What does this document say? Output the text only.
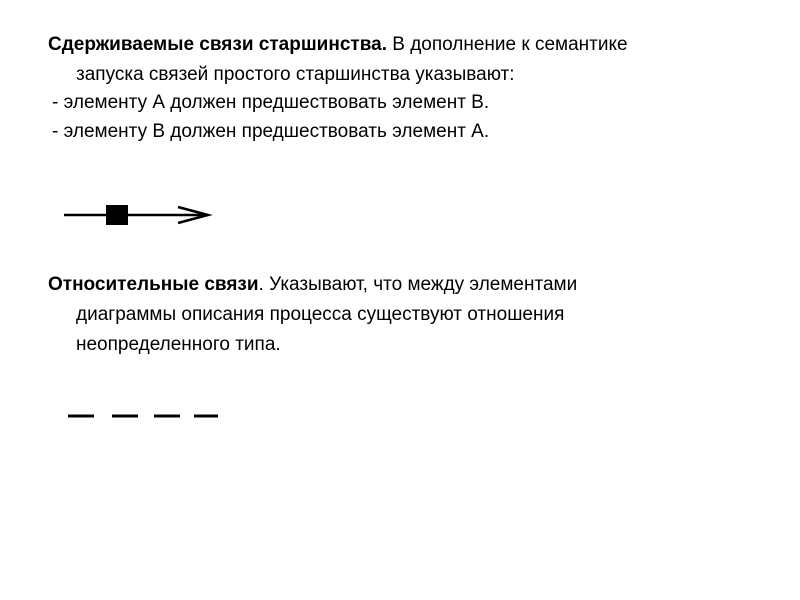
Сдерживаемые связи старшинства. В дополнение к семантике
запуска связей простого старшинства указывают:

- элементу А должен предшествовать элемент В.

- элементу В должен предшествовать элемент А.

Относительные связи. Указывают, что между элементами
диаграммы описания процесса существуют отношения
неопределенного типа.
